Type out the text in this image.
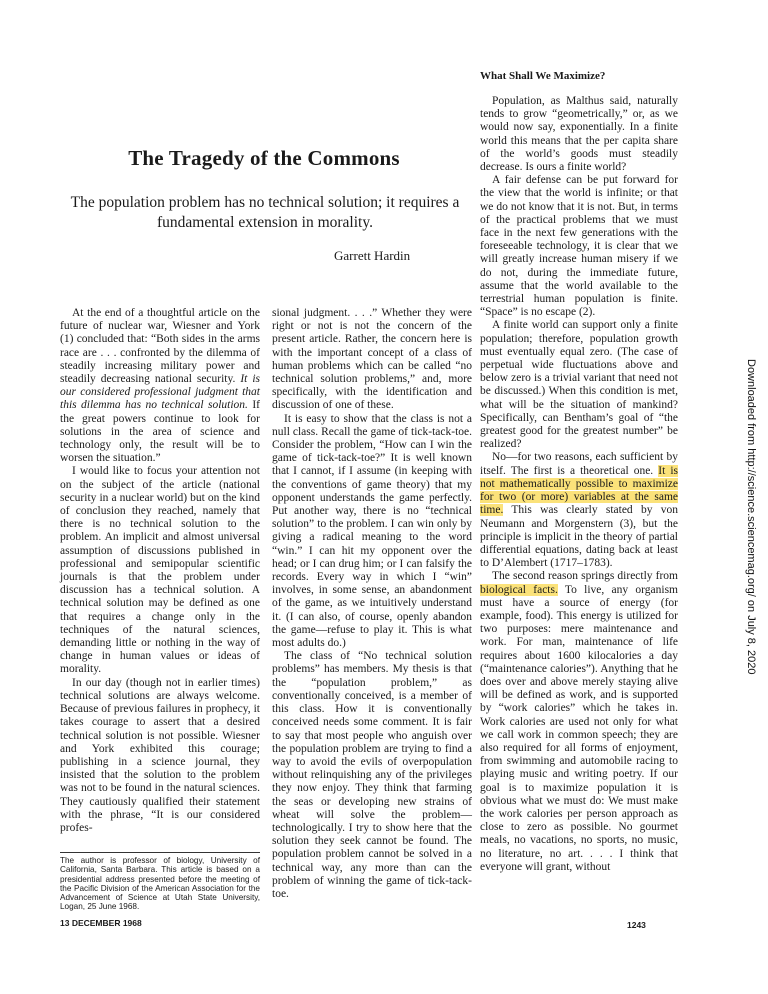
What Shall We Maximize?
The Tragedy of the Commons
The population problem has no technical solution; it requires a fundamental extension in morality.
Garrett Hardin

At the end of a thoughtful article on the future of nuclear war, Wiesner and York (1) concluded that: “Both sides in the arms race are . . . confronted by the dilemma of steadily increasing military power and steadily decreasing national security. It is our considered professional judgment that this dilemma has no technical solution. If the great powers continue to look for solutions in the area of science and technology only, the result will be to worsen the situation.”

I would like to focus your attention not on the subject of the article (national security in a nuclear world) but on the kind of conclusion they reached, namely that there is no technical solution to the problem. An implicit and almost universal assumption of discussions published in professional and semipopular scientific journals is that the problem under discussion has a technical solution. A technical solution may be defined as one that requires a change only in the techniques of the natural sciences, demanding little or nothing in the way of change in human values or ideas of morality.

In our day (though not in earlier times) technical solutions are always welcome. Because of previous failures in prophecy, it takes courage to assert that a desired technical solution is not possible. Wiesner and York exhibited this courage; publishing in a science journal, they insisted that the solution to the problem was not to be found in the natural sciences. They cautiously qualified their statement with the phrase, “It is our considered profes-

sional judgment. . . .” Whether they were right or not is not the concern of the present article. Rather, the concern here is with the important concept of a class of human problems which can be called “no technical solution problems,” and, more specifically, with the identification and discussion of one of these.

It is easy to show that the class is not a null class. Recall the game of tick-tack-toe. Consider the problem, “How can I win the game of tick-tack-toe?” It is well known that I cannot, if I assume (in keeping with the conventions of game theory) that my opponent understands the game perfectly. Put another way, there is no “technical solution” to the problem. I can win only by giving a radical meaning to the word “win.” I can hit my opponent over the head; or I can drug him; or I can falsify the records. Every way in which I “win” involves, in some sense, an abandonment of the game, as we intuitively understand it. (I can also, of course, openly abandon the game—refuse to play it. This is what most adults do.)

The class of “No technical solution problems” has members. My thesis is that the “population problem,” as conventionally conceived, is a member of this class. How it is conventionally conceived needs some comment. It is fair to say that most people who anguish over the population problem are trying to find a way to avoid the evils of overpopulation without relinquishing any of the privileges they now enjoy. They think that farming the seas or developing new strains of wheat will solve the problem—technologically. I try to show here that the solution they seek cannot be found. The population problem cannot be solved in a technical way, any more than can the problem of winning the game of tick-tack-toe.

Population, as Malthus said, naturally tends to grow “geometrically,” or, as we would now say, exponentially. In a finite world this means that the per capita share of the world’s goods must steadily decrease. Is ours a finite world?

A fair defense can be put forward for the view that the world is infinite; or that we do not know that it is not. But, in terms of the practical problems that we must face in the next few generations with the foreseeable technology, it is clear that we will greatly increase human misery if we do not, during the immediate future, assume that the world available to the terrestrial human population is finite. “Space” is no escape (2).

A finite world can support only a finite population; therefore, population growth must eventually equal zero. (The case of perpetual wide fluctuations above and below zero is a trivial variant that need not be discussed.) When this condition is met, what will be the situation of mankind? Specifically, can Bentham’s goal of “the greatest good for the greatest number” be realized?

No—for two reasons, each sufficient by itself. The first is a theoretical one. It is not mathematically possible to maximize for two (or more) variables at the same time. This was clearly stated by von Neumann and Morgenstern (3), but the principle is implicit in the theory of partial differential equations, dating back at least to D’Alembert (1717–1783).

The second reason springs directly from biological facts. To live, any organism must have a source of energy (for example, food). This energy is utilized for two purposes: mere maintenance and work. For man, maintenance of life requires about 1600 kilocalories a day (“maintenance calories”). Anything that he does over and above merely staying alive will be defined as work, and is supported by “work calories” which he takes in. Work calories are used not only for what we call work in common speech; they are also required for all forms of enjoyment, from swimming and automobile racing to playing music and writing poetry. If our goal is to maximize population it is obvious what we must do: We must make the work calories per person approach as close to zero as possible. No gourmet meals, no vacations, no sports, no music, no literature, no art. . . . I think that everyone will grant, without

The author is professor of biology, University of California, Santa Barbara. This article is based on a presidential address presented before the meeting of the Pacific Division of the American Association for the Advancement of Science at Utah State University, Logan, 25 June 1968.
13 DECEMBER 1968	1243
Downloaded from http://science.sciencemag.org/ on July 8, 2020
